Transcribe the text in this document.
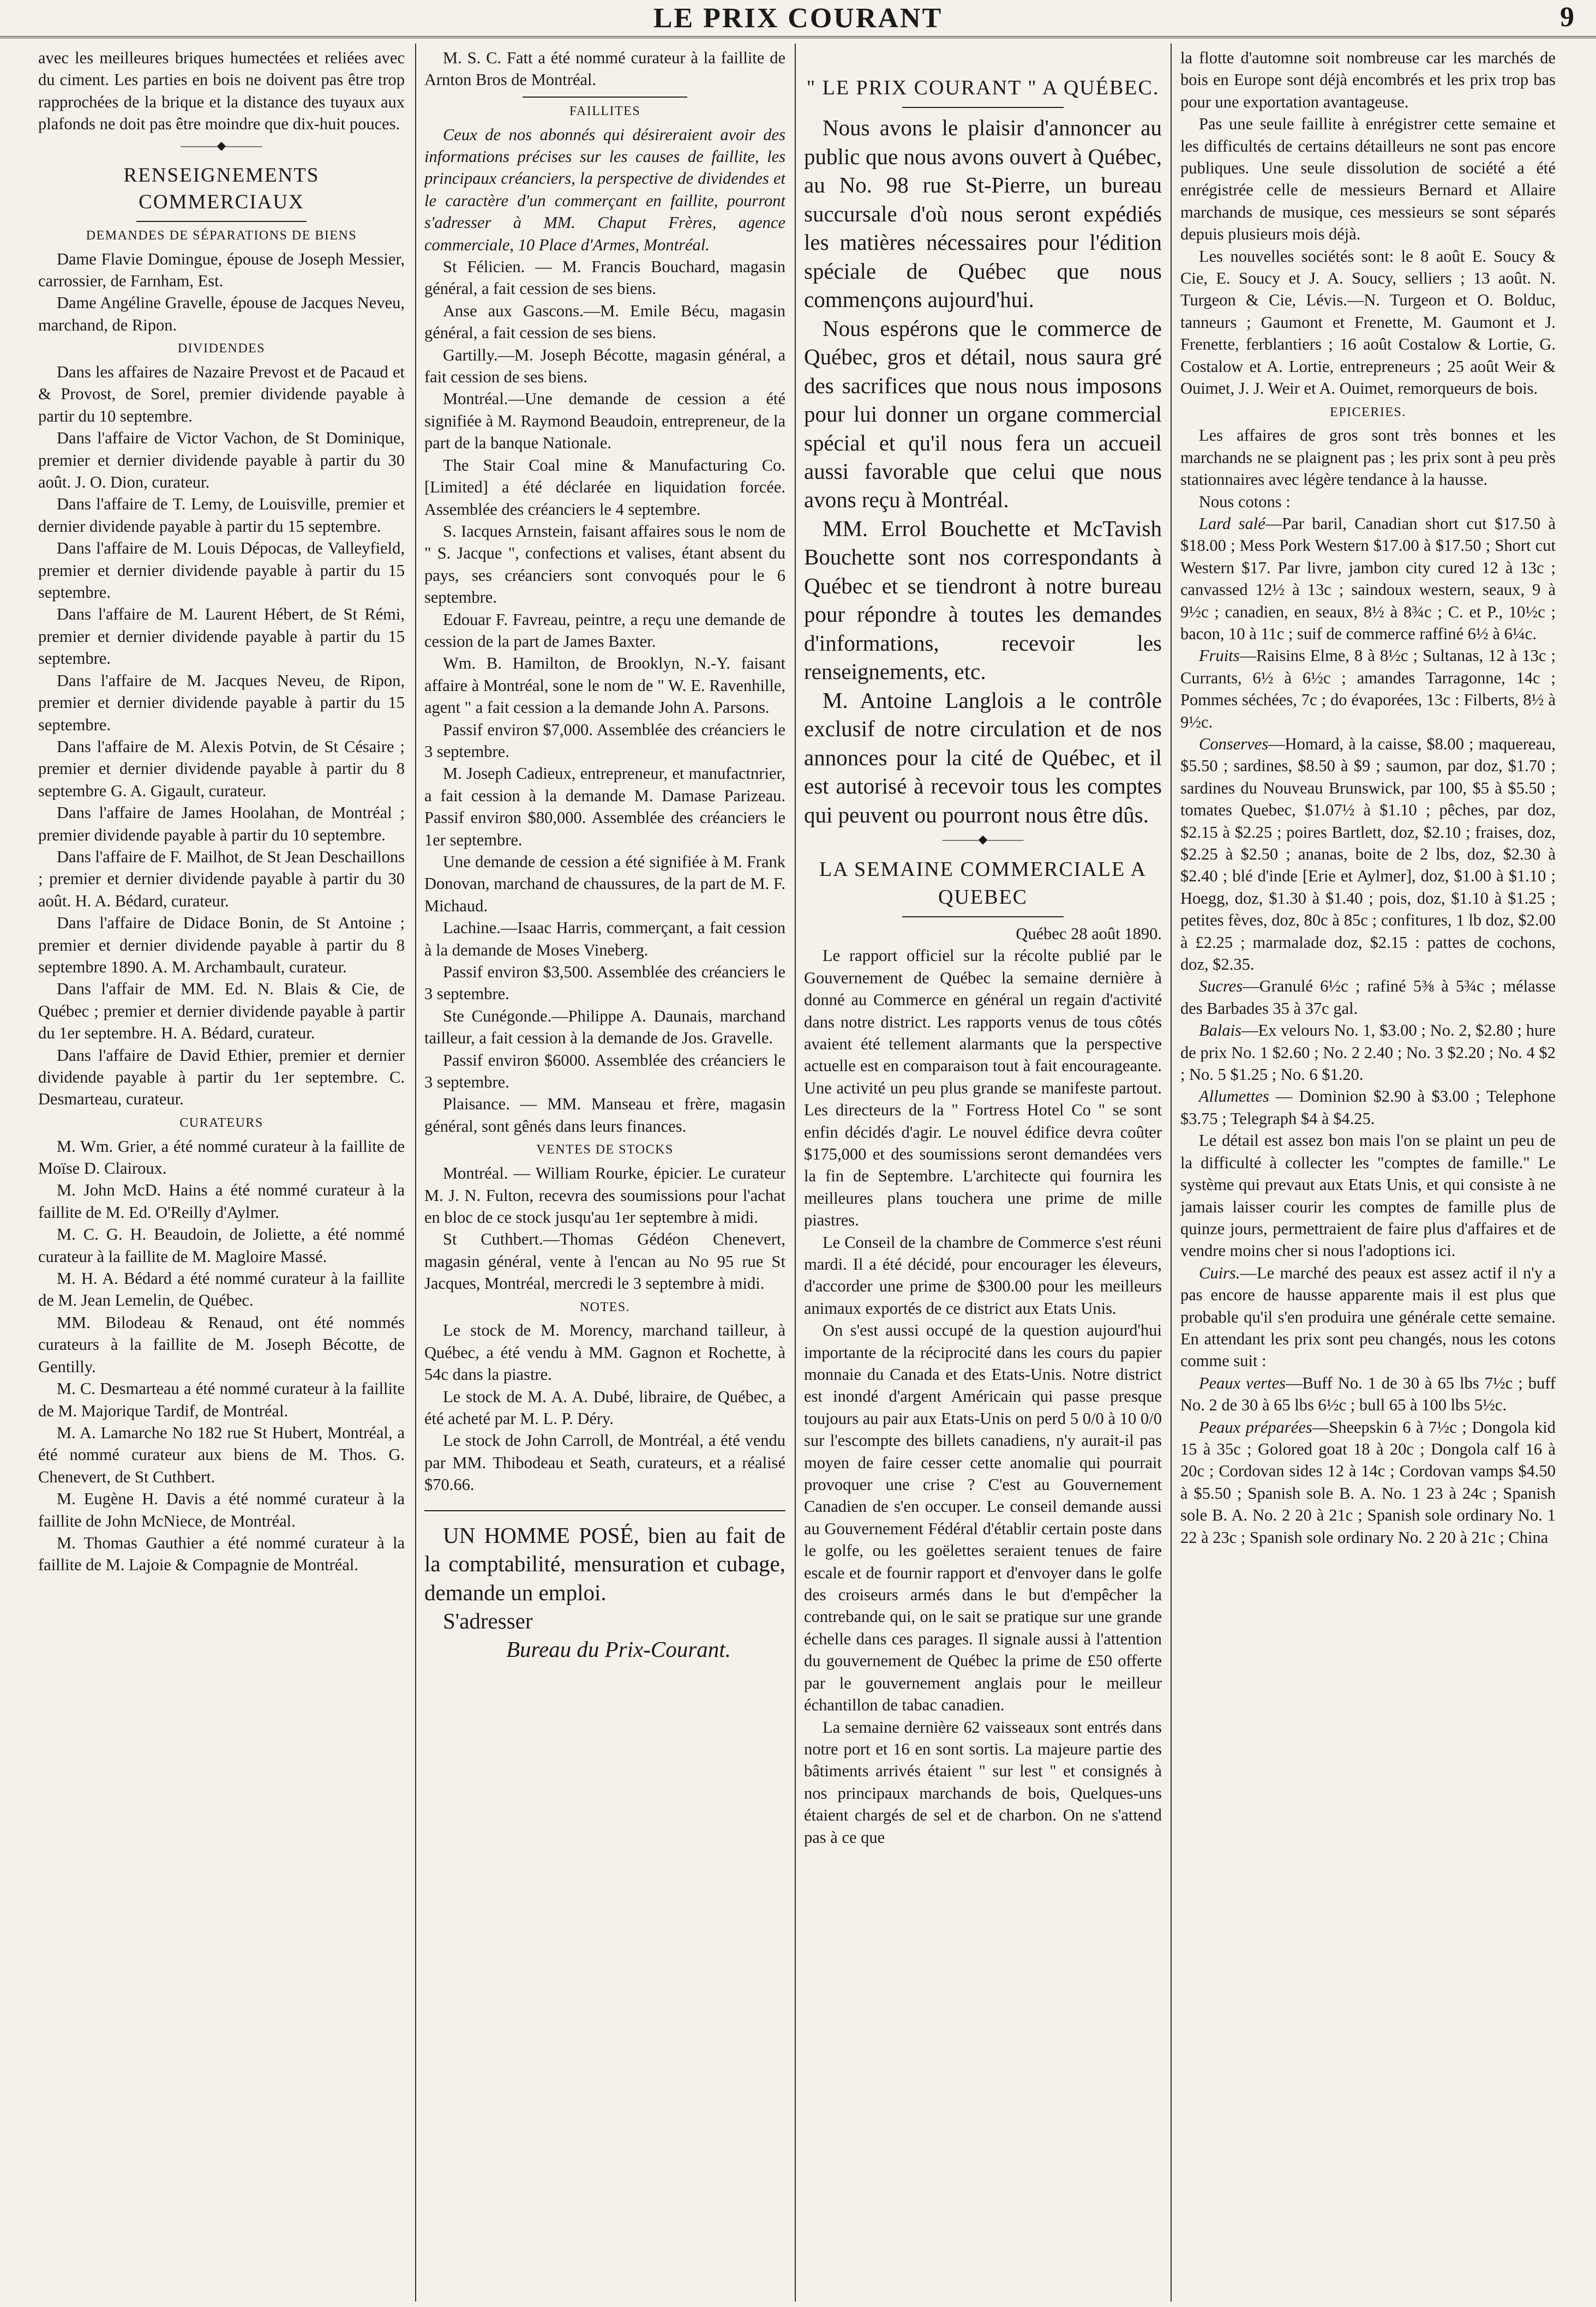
LE PRIX COURANT	9

avec les meilleures briques humectées et reliées avec du ciment. Les parties en bois ne doivent pas être trop rapprochées de la brique et la distance des tuyaux aux plafonds ne doit pas être moindre que dix-huit pouces.

———◆———
RENSEIGNEMENTS COMMERCIAUX
DEMANDES DE SÉPARATIONS DE BIENS

Dame Flavie Domingue, épouse de Joseph Messier, carrossier, de Farnham, Est.

Dame Angéline Gravelle, épouse de Jacques Neveu, marchand, de Ripon.

DIVIDENDES

Dans les affaires de Nazaire Prevost et de Pacaud et & Provost, de Sorel, premier dividende payable à partir du 10 septembre.

Dans l'affaire de Victor Vachon, de St Dominique, premier et dernier dividende payable à partir du 30 août. J. O. Dion, curateur.

Dans l'affaire de T. Lemy, de Louisville, premier et dernier dividende payable à partir du 15 septembre.

Dans l'affaire de M. Louis Dépocas, de Valleyfield, premier et dernier dividende payable à partir du 15 septembre.

Dans l'affaire de M. Laurent Hébert, de St Rémi, premier et dernier dividende payable à partir du 15 septembre.

Dans l'affaire de M. Jacques Neveu, de Ripon, premier et dernier dividende payable à partir du 15 septembre.

Dans l'affaire de M. Alexis Potvin, de St Césaire ; premier et dernier dividende payable à partir du 8 septembre G. A. Gigault, curateur.

Dans l'affaire de James Hoolahan, de Montréal ; premier dividende payable à partir du 10 septembre.

Dans l'affaire de F. Mailhot, de St Jean Deschaillons ; premier et dernier dividende payable à partir du 30 août. H. A. Bédard, curateur.

Dans l'affaire de Didace Bonin, de St Antoine ; premier et dernier dividende payable à partir du 8 septembre 1890. A. M. Archambault, curateur.

Dans l'affair de MM. Ed. N. Blais & Cie, de Québec ; premier et dernier dividende payable à partir du 1er septembre. H. A. Bédard, curateur.

Dans l'affaire de David Ethier, premier et dernier dividende payable à partir du 1er septembre. C. Desmarteau, curateur.

CURATEURS

M. Wm. Grier, a été nommé curateur à la faillite de Moïse D. Clairoux.

M. John McD. Hains a été nommé curateur à la faillite de M. Ed. O'Reilly d'Aylmer.

M. C. G. H. Beaudoin, de Joliette, a été nommé curateur à la faillite de M. Magloire Massé.

M. H. A. Bédard a été nommé curateur à la faillite de M. Jean Lemelin, de Québec.

MM. Bilodeau & Renaud, ont été nommés curateurs à la faillite de M. Joseph Bécotte, de Gentilly.

M. C. Desmarteau a été nommé curateur à la faillite de M. Majorique Tardif, de Montréal.

M. A. Lamarche No 182 rue St Hubert, Montréal, a été nommé curateur aux biens de M. Thos. G. Chenevert, de St Cuthbert.

M. Eugène H. Davis a été nommé curateur à la faillite de John McNiece, de Montréal.

M. Thomas Gauthier a été nommé curateur à la faillite de M. Lajoie & Compagnie de Montréal.

M. S. C. Fatt a été nommé curateur à la faillite de Arnton Bros de Montréal.

FAILLITES

Ceux de nos abonnés qui désireraient avoir des informations précises sur les causes de faillite, les principaux créanciers, la perspective de dividendes et le caractère d'un commerçant en faillite, pourront s'adresser à MM. Chaput Frères, agence commerciale, 10 Place d'Armes, Montréal.

St Félicien. — M. Francis Bouchard, magasin général, a fait cession de ses biens.

Anse aux Gascons.—M. Emile Bécu, magasin général, a fait cession de ses biens.

Gartilly.—M. Joseph Bécotte, magasin général, a fait cession de ses biens.

Montréal.—Une demande de cession a été signifiée à M. Raymond Beaudoin, entrepreneur, de la part de la banque Nationale.

The Stair Coal mine & Manufacturing Co. [Limited] a été déclarée en liquidation forcée. Assemblée des créanciers le 4 septembre.

S. Iacques Arnstein, faisant affaires sous le nom de " S. Jacque ", confections et valises, étant absent du pays, ses créanciers sont convoqués pour le 6 septembre.

Edouar F. Favreau, peintre, a reçu une demande de cession de la part de James Baxter.

Wm. B. Hamilton, de Brooklyn, N.-Y. faisant affaire à Montréal, sone le nom de " W. E. Ravenhille, agent " a fait cession a la demande John A. Parsons.

Passif environ $7,000. Assemblée des créanciers le 3 septembre.

M. Joseph Cadieux, entrepreneur, et manufactnrier, a fait cession à la demande M. Damase Parizeau. Passif environ $80,000. Assemblée des créanciers le 1er septembre.

Une demande de cession a été signifiée à M. Frank Donovan, marchand de chaussures, de la part de M. F. Michaud.

Lachine.—Isaac Harris, commerçant, a fait cession à la demande de Moses Vineberg.

Passif environ $3,500. Assemblée des créanciers le 3 septembre.

Ste Cunégonde.—Philippe A. Daunais, marchand tailleur, a fait cession à la demande de Jos. Gravelle.

Passif environ $6000. Assemblée des créanciers le 3 septembre.

Plaisance. — MM. Manseau et frère, magasin général, sont gênés dans leurs finances.

VENTES DE STOCKS

Montréal. — William Rourke, épicier. Le curateur M. J. N. Fulton, recevra des soumissions pour l'achat en bloc de ce stock jusqu'au 1er septembre à midi.

St Cuthbert.—Thomas Gédéon Chenevert, magasin général, vente à l'encan au No 95 rue St Jacques, Montréal, mercredi le 3 septembre à midi.

NOTES.

Le stock de M. Morency, marchand tailleur, à Québec, a été vendu à MM. Gagnon et Rochette, à 54c dans la piastre.

Le stock de M. A. A. Dubé, libraire, de Québec, a été acheté par M. L. P. Déry.

Le stock de John Carroll, de Montréal, a été vendu par MM. Thibodeau et Seath, curateurs, et a réalisé $70.66.

UN HOMME POSÉ, bien au fait de la comptabilité, mensuration et cubage, demande un emploi.

S'adresser

Bureau du Prix-Courant.

" LE PRIX COURANT " A QUÉBEC.

Nous avons le plaisir d'annoncer au public que nous avons ouvert à Québec, au No. 98 rue St-Pierre, un bureau succursale d'où nous seront expédiés les matières nécessaires pour l'édition spéciale de Québec que nous commençons aujourd'hui.

Nous espérons que le commerce de Québec, gros et détail, nous saura gré des sacrifices que nous nous imposons pour lui donner un organe commercial spécial et qu'il nous fera un accueil aussi favorable que celui que nous avons reçu à Montréal.

MM. Errol Bouchette et McTavish Bouchette sont nos correspondants à Québec et se tiendront à notre bureau pour répondre à toutes les demandes d'informations, recevoir les renseignements, etc.

M. Antoine Langlois a le contrôle exclusif de notre circulation et de nos annonces pour la cité de Québec, et il est autorisé à recevoir tous les comptes qui peuvent ou pourront nous être dûs.

———◆———
LA SEMAINE COMMERCIALE A QUEBEC

Québec 28 août 1890.

Le rapport officiel sur la récolte publié par le Gouvernement de Québec la semaine dernière à donné au Commerce en général un regain d'activité dans notre district. Les rapports venus de tous côtés avaient été tellement alarmants que la perspective actuelle est en comparaison tout à fait encourageante. Une activité un peu plus grande se manifeste partout. Les directeurs de la " Fortress Hotel Co " se sont enfin décidés d'agir. Le nouvel édifice devra coûter $175,000 et des soumissions seront demandées vers la fin de Septembre. L'architecte qui fournira les meilleures plans touchera une prime de mille piastres.

Le Conseil de la chambre de Commerce s'est réuni mardi. Il a été décidé, pour encourager les éleveurs, d'accorder une prime de $300.00 pour les meilleurs animaux exportés de ce district aux Etats Unis.

On s'est aussi occupé de la question aujourd'hui importante de la réciprocité dans les cours du papier monnaie du Canada et des Etats-Unis. Notre district est inondé d'argent Américain qui passe presque toujours au pair aux Etats-Unis on perd 5 0/0 à 10 0/0 sur l'escompte des billets canadiens, n'y aurait-il pas moyen de faire cesser cette anomalie qui pourrait provoquer une crise ? C'est au Gouvernement Canadien de s'en occuper. Le conseil demande aussi au Gouvernement Fédéral d'établir certain poste dans le golfe, ou les goëlettes seraient tenues de faire escale et de fournir rapport et d'envoyer dans le golfe des croiseurs armés dans le but d'empêcher la contrebande qui, on le sait se pratique sur une grande échelle dans ces parages. Il signale aussi à l'attention du gouvernement de Québec la prime de £50 offerte par le gouvernement anglais pour le meilleur échantillon de tabac canadien.

La semaine dernière 62 vaisseaux sont entrés dans notre port et 16 en sont sortis. La majeure partie des bâtiments arrivés étaient " sur lest " et consignés à nos principaux marchands de bois, Quelques-uns étaient chargés de sel et de charbon. On ne s'attend pas à ce que

la flotte d'automne soit nombreuse car les marchés de bois en Europe sont déjà encombrés et les prix trop bas pour une exportation avantageuse.

Pas une seule faillite à enrégistrer cette semaine et les difficultés de certains détailleurs ne sont pas encore publiques. Une seule dissolution de société a été enrégistrée celle de messieurs Bernard et Allaire marchands de musique, ces messieurs se sont séparés depuis plusieurs mois déjà.

Les nouvelles sociétés sont: le 8 août E. Soucy & Cie, E. Soucy et J. A. Soucy, selliers ; 13 août. N. Turgeon & Cie, Lévis.—N. Turgeon et O. Bolduc, tanneurs ; Gaumont et Frenette, M. Gaumont et J. Frenette, ferblantiers ; 16 août Costalow & Lortie, G. Costalow et A. Lortie, entrepreneurs ; 25 août Weir & Ouimet, J. J. Weir et A. Ouimet, remorqueurs de bois.

EPICERIES.

Les affaires de gros sont très bonnes et les marchands ne se plaignent pas ; les prix sont à peu près stationnaires avec légère tendance à la hausse.

Nous cotons :

Lard salé—Par baril, Canadian short cut $17.50 à $18.00 ; Mess Pork Western $17.00 à $17.50 ; Short cut Western $17. Par livre, jambon city cured 12 à 13c ; canvassed 12½ à 13c ; saindoux western, seaux, 9 à 9½c ; canadien, en seaux, 8½ à 8¾c ; C. et P., 10½c ; bacon, 10 à 11c ; suif de commerce raffiné 6½ à 6¼c.

Fruits—Raisins Elme, 8 à 8½c ; Sultanas, 12 à 13c ; Currants, 6½ à 6½c ; amandes Tarragonne, 14c ; Pommes séchées, 7c ; do évaporées, 13c : Filberts, 8½ à 9½c.

Conserves—Homard, à la caisse, $8.00 ; maquereau, $5.50 ; sardines, $8.50 à $9 ; saumon, par doz, $1.70 ; sardines du Nouveau Brunswick, par 100, $5 à $5.50 ; tomates Quebec, $1.07½ à $1.10 ; pêches, par doz, $2.15 à $2.25 ; poires Bartlett, doz, $2.10 ; fraises, doz, $2.25 à $2.50 ; ananas, boite de 2 lbs, doz, $2.30 à $2.40 ; blé d'inde [Erie et Aylmer], doz, $1.00 à $1.10 ; Hoegg, doz, $1.30 à $1.40 ; pois, doz, $1.10 à $1.25 ; petites fèves, doz, 80c à 85c ; confitures, 1 lb doz, $2.00 à £2.25 ; marmalade doz, $2.15 : pattes de cochons, doz, $2.35.

Sucres—Granulé 6½c ; rafiné 5⅜ à 5¾c ; mélasse des Barbades 35 à 37c gal.

Balais—Ex velours No. 1, $3.00 ; No. 2, $2.80 ; hure de prix No. 1 $2.60 ; No. 2 2.40 ; No. 3 $2.20 ; No. 4 $2 ; No. 5 $1.25 ; No. 6 $1.20.

Allumettes — Dominion $2.90 à $3.00 ; Telephone $3.75 ; Telegraph $4 à $4.25.

Le détail est assez bon mais l'on se plaint un peu de la difficulté à collecter les "comptes de famille." Le système qui prevaut aux Etats Unis, et qui consiste à ne jamais laisser courir les comptes de famille plus de quinze jours, permettraient de faire plus d'affaires et de vendre moins cher si nous l'adoptions ici.

Cuirs.—Le marché des peaux est assez actif il n'y a pas encore de hausse apparente mais il est plus que probable qu'il s'en produira une générale cette semaine. En attendant les prix sont peu changés, nous les cotons comme suit :

Peaux vertes—Buff No. 1 de 30 à 65 lbs 7½c ; buff No. 2 de 30 à 65 lbs 6½c ; bull 65 à 100 lbs 5½c.

Peaux préparées—Sheepskin 6 à 7½c ; Dongola kid 15 à 35c ; Golored goat 18 à 20c ; Dongola calf 16 à 20c ; Cordovan sides 12 à 14c ; Cordovan vamps $4.50 à $5.50 ; Spanish sole B. A. No. 1 23 à 24c ; Spanish sole B. A. No. 2 20 à 21c ; Spanish sole ordinary No. 1 22 à 23c ; Spanish sole ordinary No. 2 20 à 21c ; China
